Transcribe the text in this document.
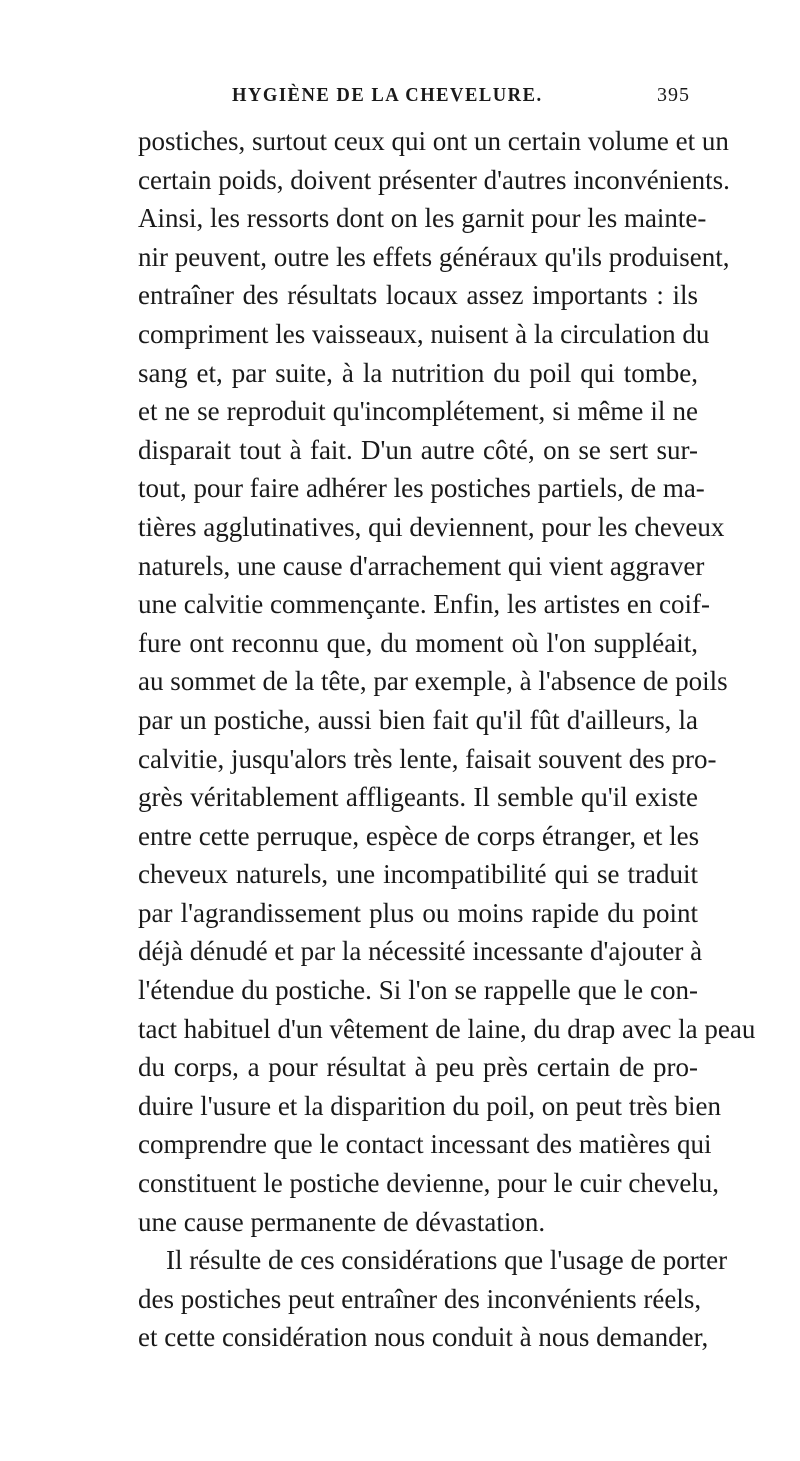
HYGIÈNE DE LA CHEVELURE.	395
postiches, surtout ceux qui ont un certain volume et un
certain poids, doivent présenter d'autres inconvénients.
Ainsi, les ressorts dont on les garnit pour les mainte-
nir peuvent, outre les effets généraux qu'ils produisent,
entraîner des résultats locaux assez importants : ils
compriment les vaisseaux, nuisent à la circulation du
sang et, par suite, à la nutrition du poil qui tombe,
et ne se reproduit qu'incomplétement, si même il ne
disparait tout à fait. D'un autre côté, on se sert sur-
tout, pour faire adhérer les postiches partiels, de ma-
tières agglutinatives, qui deviennent, pour les cheveux
naturels, une cause d'arrachement qui vient aggraver
une calvitie commençante. Enfin, les artistes en coif-
fure ont reconnu que, du moment où l'on suppléait,
au sommet de la tête, par exemple, à l'absence de poils
par un postiche, aussi bien fait qu'il fût d'ailleurs, la
calvitie, jusqu'alors très lente, faisait souvent des pro-
grès véritablement affligeants. Il semble qu'il existe
entre cette perruque, espèce de corps étranger, et les
cheveux naturels, une incompatibilité qui se traduit
par l'agrandissement plus ou moins rapide du point
déjà dénudé et par la nécessité incessante d'ajouter à
l'étendue du postiche. Si l'on se rappelle que le con-
tact habituel d'un vêtement de laine, du drap avec la peau
du corps, a pour résultat à peu près certain de pro-
duire l'usure et la disparition du poil, on peut très bien
comprendre que le contact incessant des matières qui
constituent le postiche devienne, pour le cuir chevelu,
une cause permanente de dévastation.
Il résulte de ces considérations que l'usage de porter
des postiches peut entraîner des inconvénients réels,
et cette considération nous conduit à nous demander,
